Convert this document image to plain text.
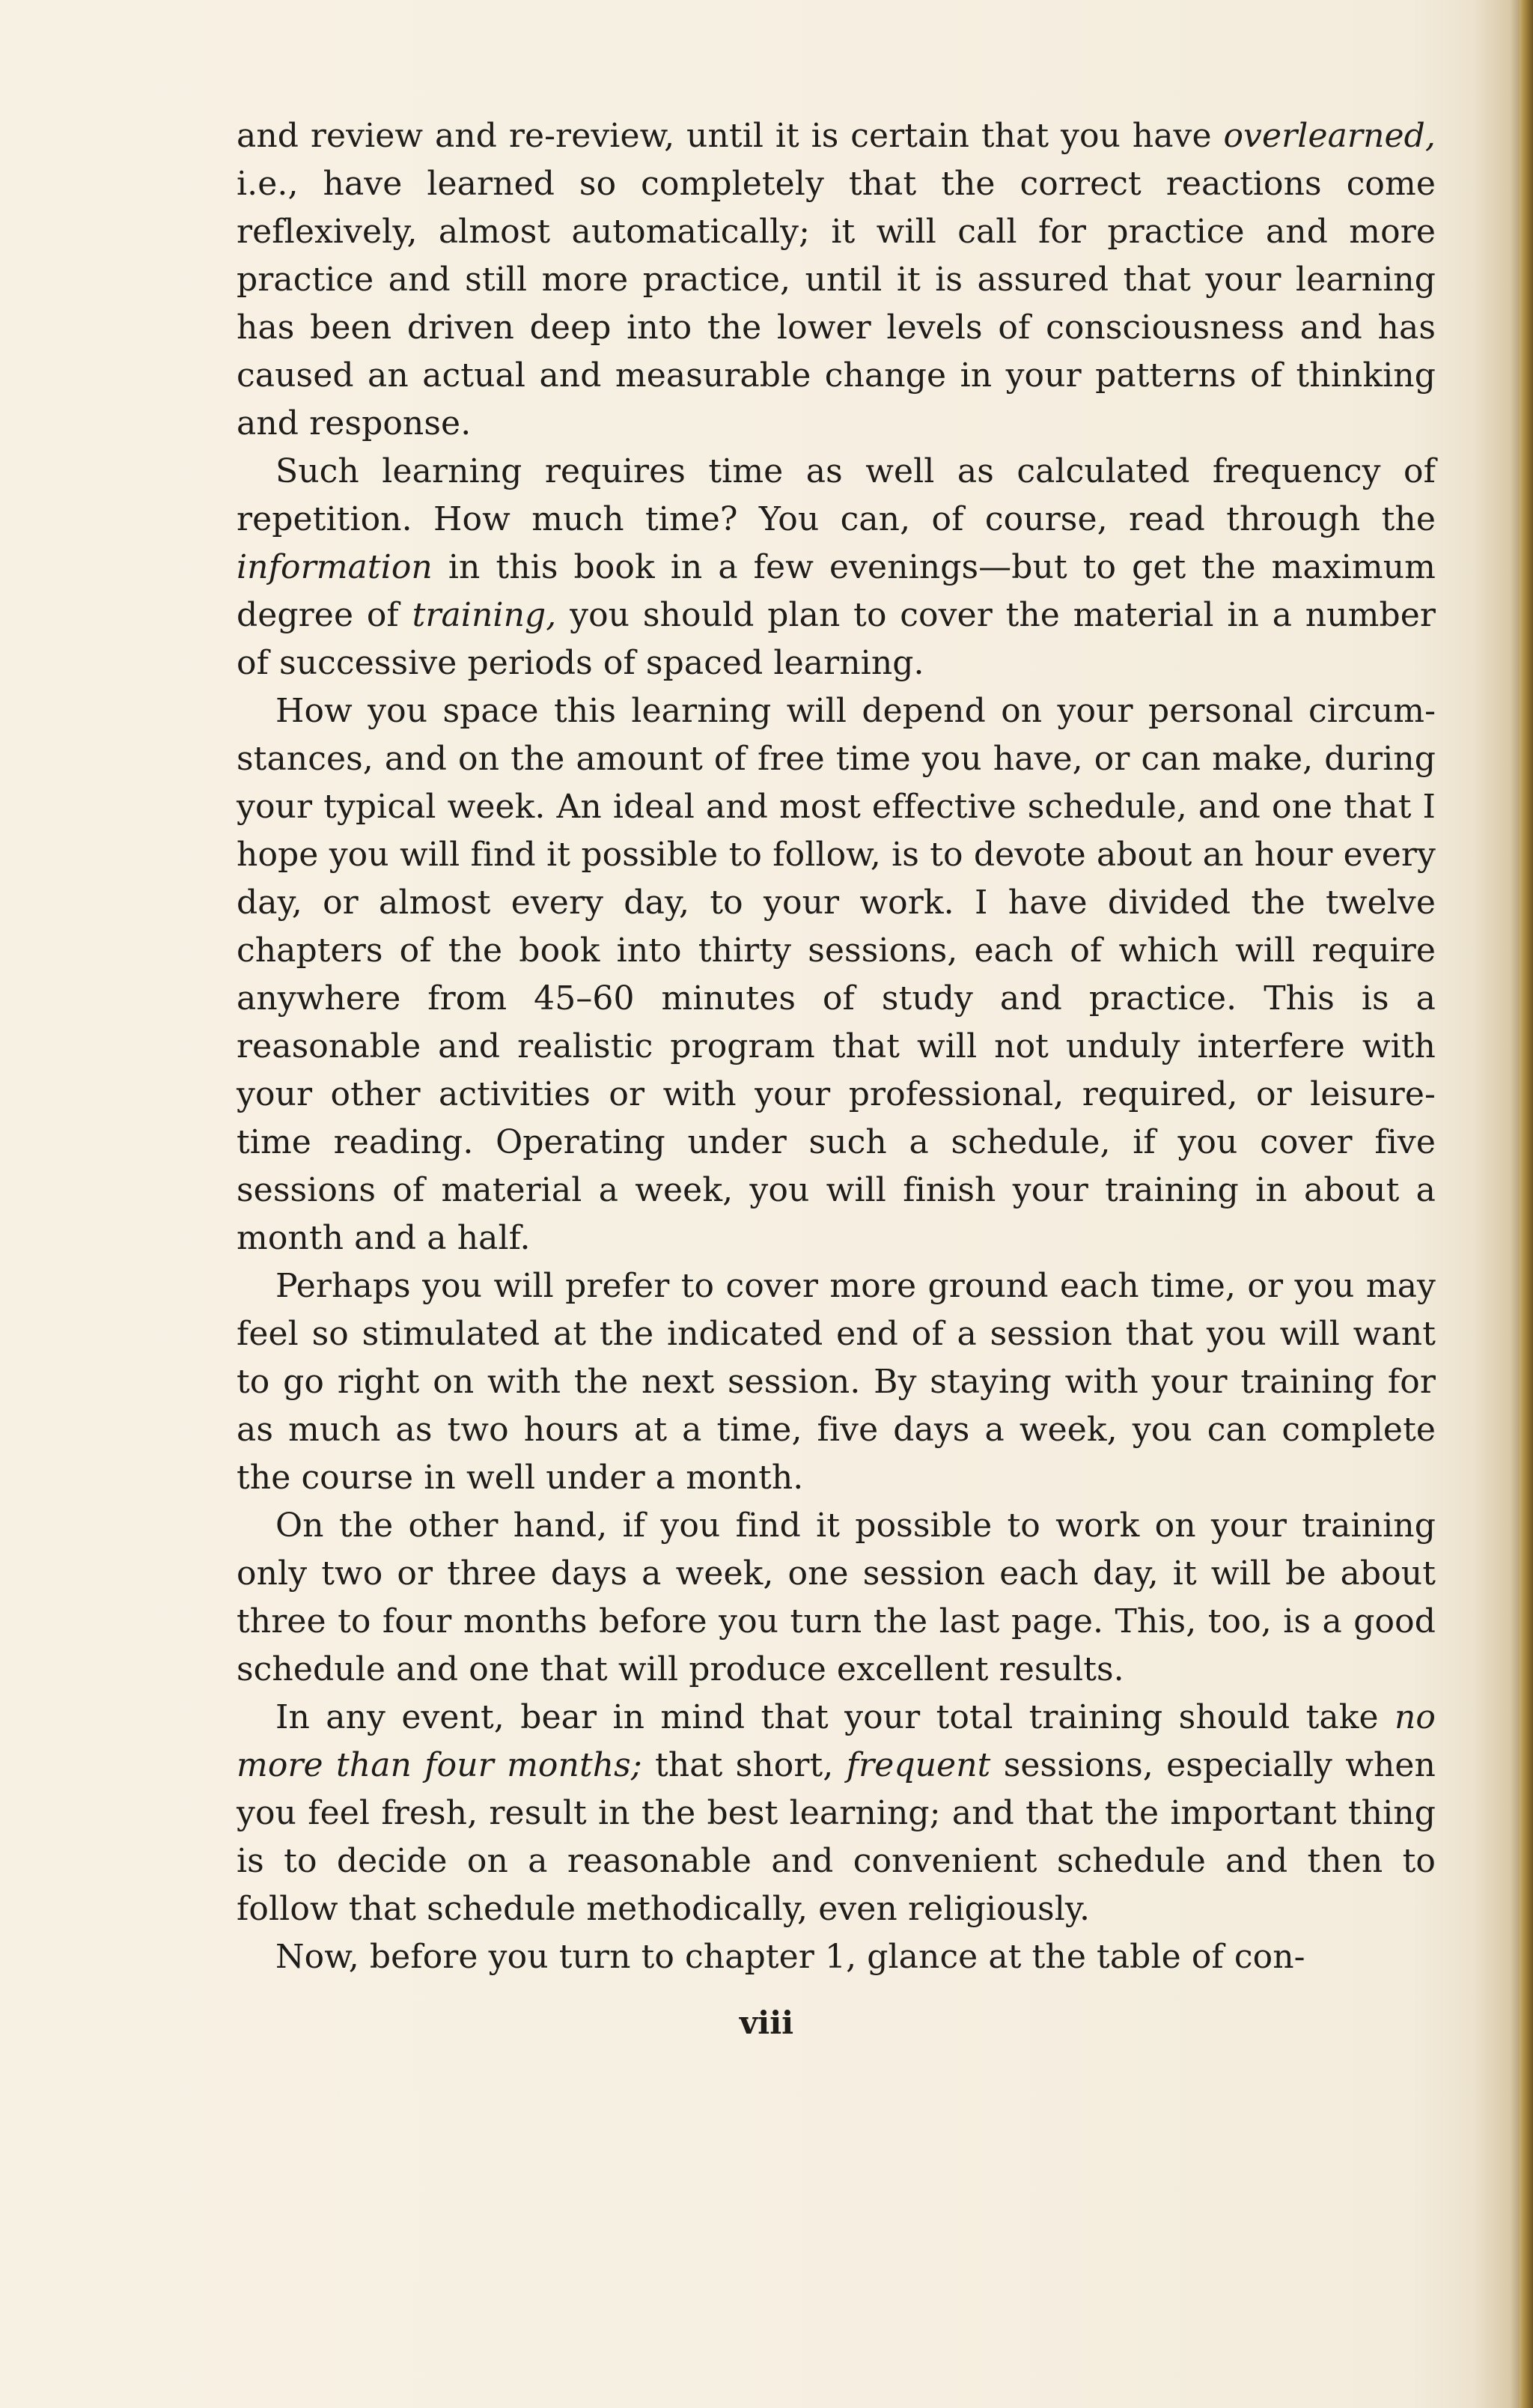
and review and re-review, until it is certain that you have overlearned, i.e., have learned so completely that the correct reactions come reflexively, almost automatically; it will call for practice and more practice and still more practice, until it is assured that your learning has been driven deep into the lower levels of consciousness and has caused an actual and measurable change in your patterns of thinking and response.

Such learning requires time as well as calculated frequency of repetition. How much time? You can, of course, read through the information in this book in a few evenings—but to get the maximum degree of training, you should plan to cover the material in a number of successive periods of spaced learning.

How you space this learning will depend on your personal circumstances, and on the amount of free time you have, or can make, during your typical week. An ideal and most effective schedule, and one that I hope you will find it possible to follow, is to devote about an hour every day, or almost every day, to your work. I have divided the twelve chapters of the book into thirty sessions, each of which will require anywhere from 45–60 minutes of study and practice. This is a reasonable and realistic program that will not unduly interfere with your other activities or with your professional, required, or leisure-time reading. Operating under such a schedule, if you cover five sessions of material a week, you will finish your training in about a month and a half.

Perhaps you will prefer to cover more ground each time, or you may feel so stimulated at the indicated end of a session that you will want to go right on with the next session. By staying with your training for as much as two hours at a time, five days a week, you can complete the course in well under a month.

On the other hand, if you find it possible to work on your training only two or three days a week, one session each day, it will be about three to four months before you turn the last page. This, too, is a good schedule and one that will produce excellent results.

In any event, bear in mind that your total training should take no more than four months; that short, frequent sessions, especially when you feel fresh, result in the best learning; and that the important thing is to decide on a reasonable and convenient schedule and then to follow that schedule methodically, even religiously.

Now, before you turn to chapter 1, glance at the table of con-

viii
